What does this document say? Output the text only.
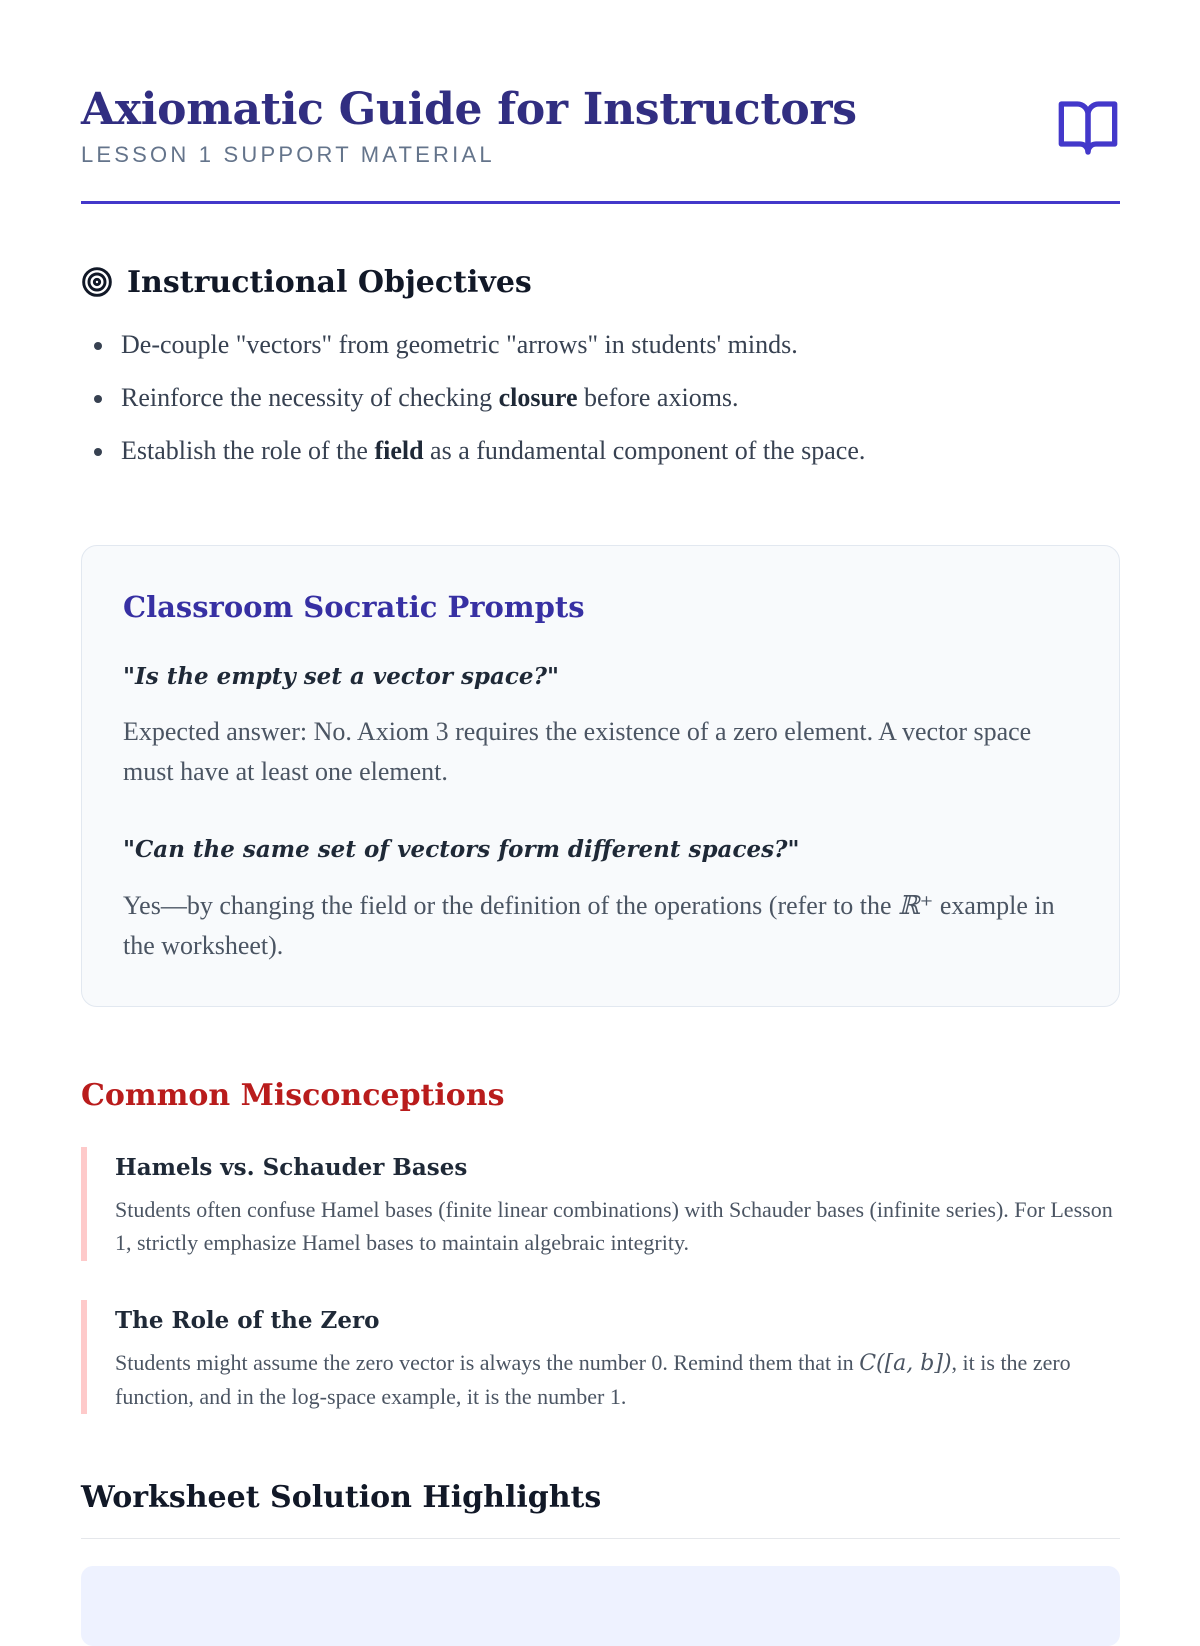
Axiomatic Guide for Instructors
LESSON 1 SUPPORT MATERIAL
Instructional Objectives
De-couple "vectors" from geometric "arrows" in students' minds.
Reinforce the necessity of checking closure before axioms.
Establish the role of the field as a fundamental component of the space.
Classroom Socratic Prompts
"Is the empty set a vector space?"
Expected answer: No. Axiom 3 requires the existence of a zero element. A vector space must have at least one element.
"Can the same set of vectors form different spaces?"
Yes—by changing the field or the definition of the operations (refer to the ℝ⁺ example in the worksheet).
Common Misconceptions
Hamels vs. Schauder Bases
Students often confuse Hamel bases (finite linear combinations) with Schauder bases (infinite series). For Lesson 1, strictly emphasize Hamel bases to maintain algebraic integrity.
The Role of the Zero
Students might assume the zero vector is always the number 0. Remind them that in C([a, b]), it is the zero function, and in the log-space example, it is the number 1.
Worksheet Solution Highlights
